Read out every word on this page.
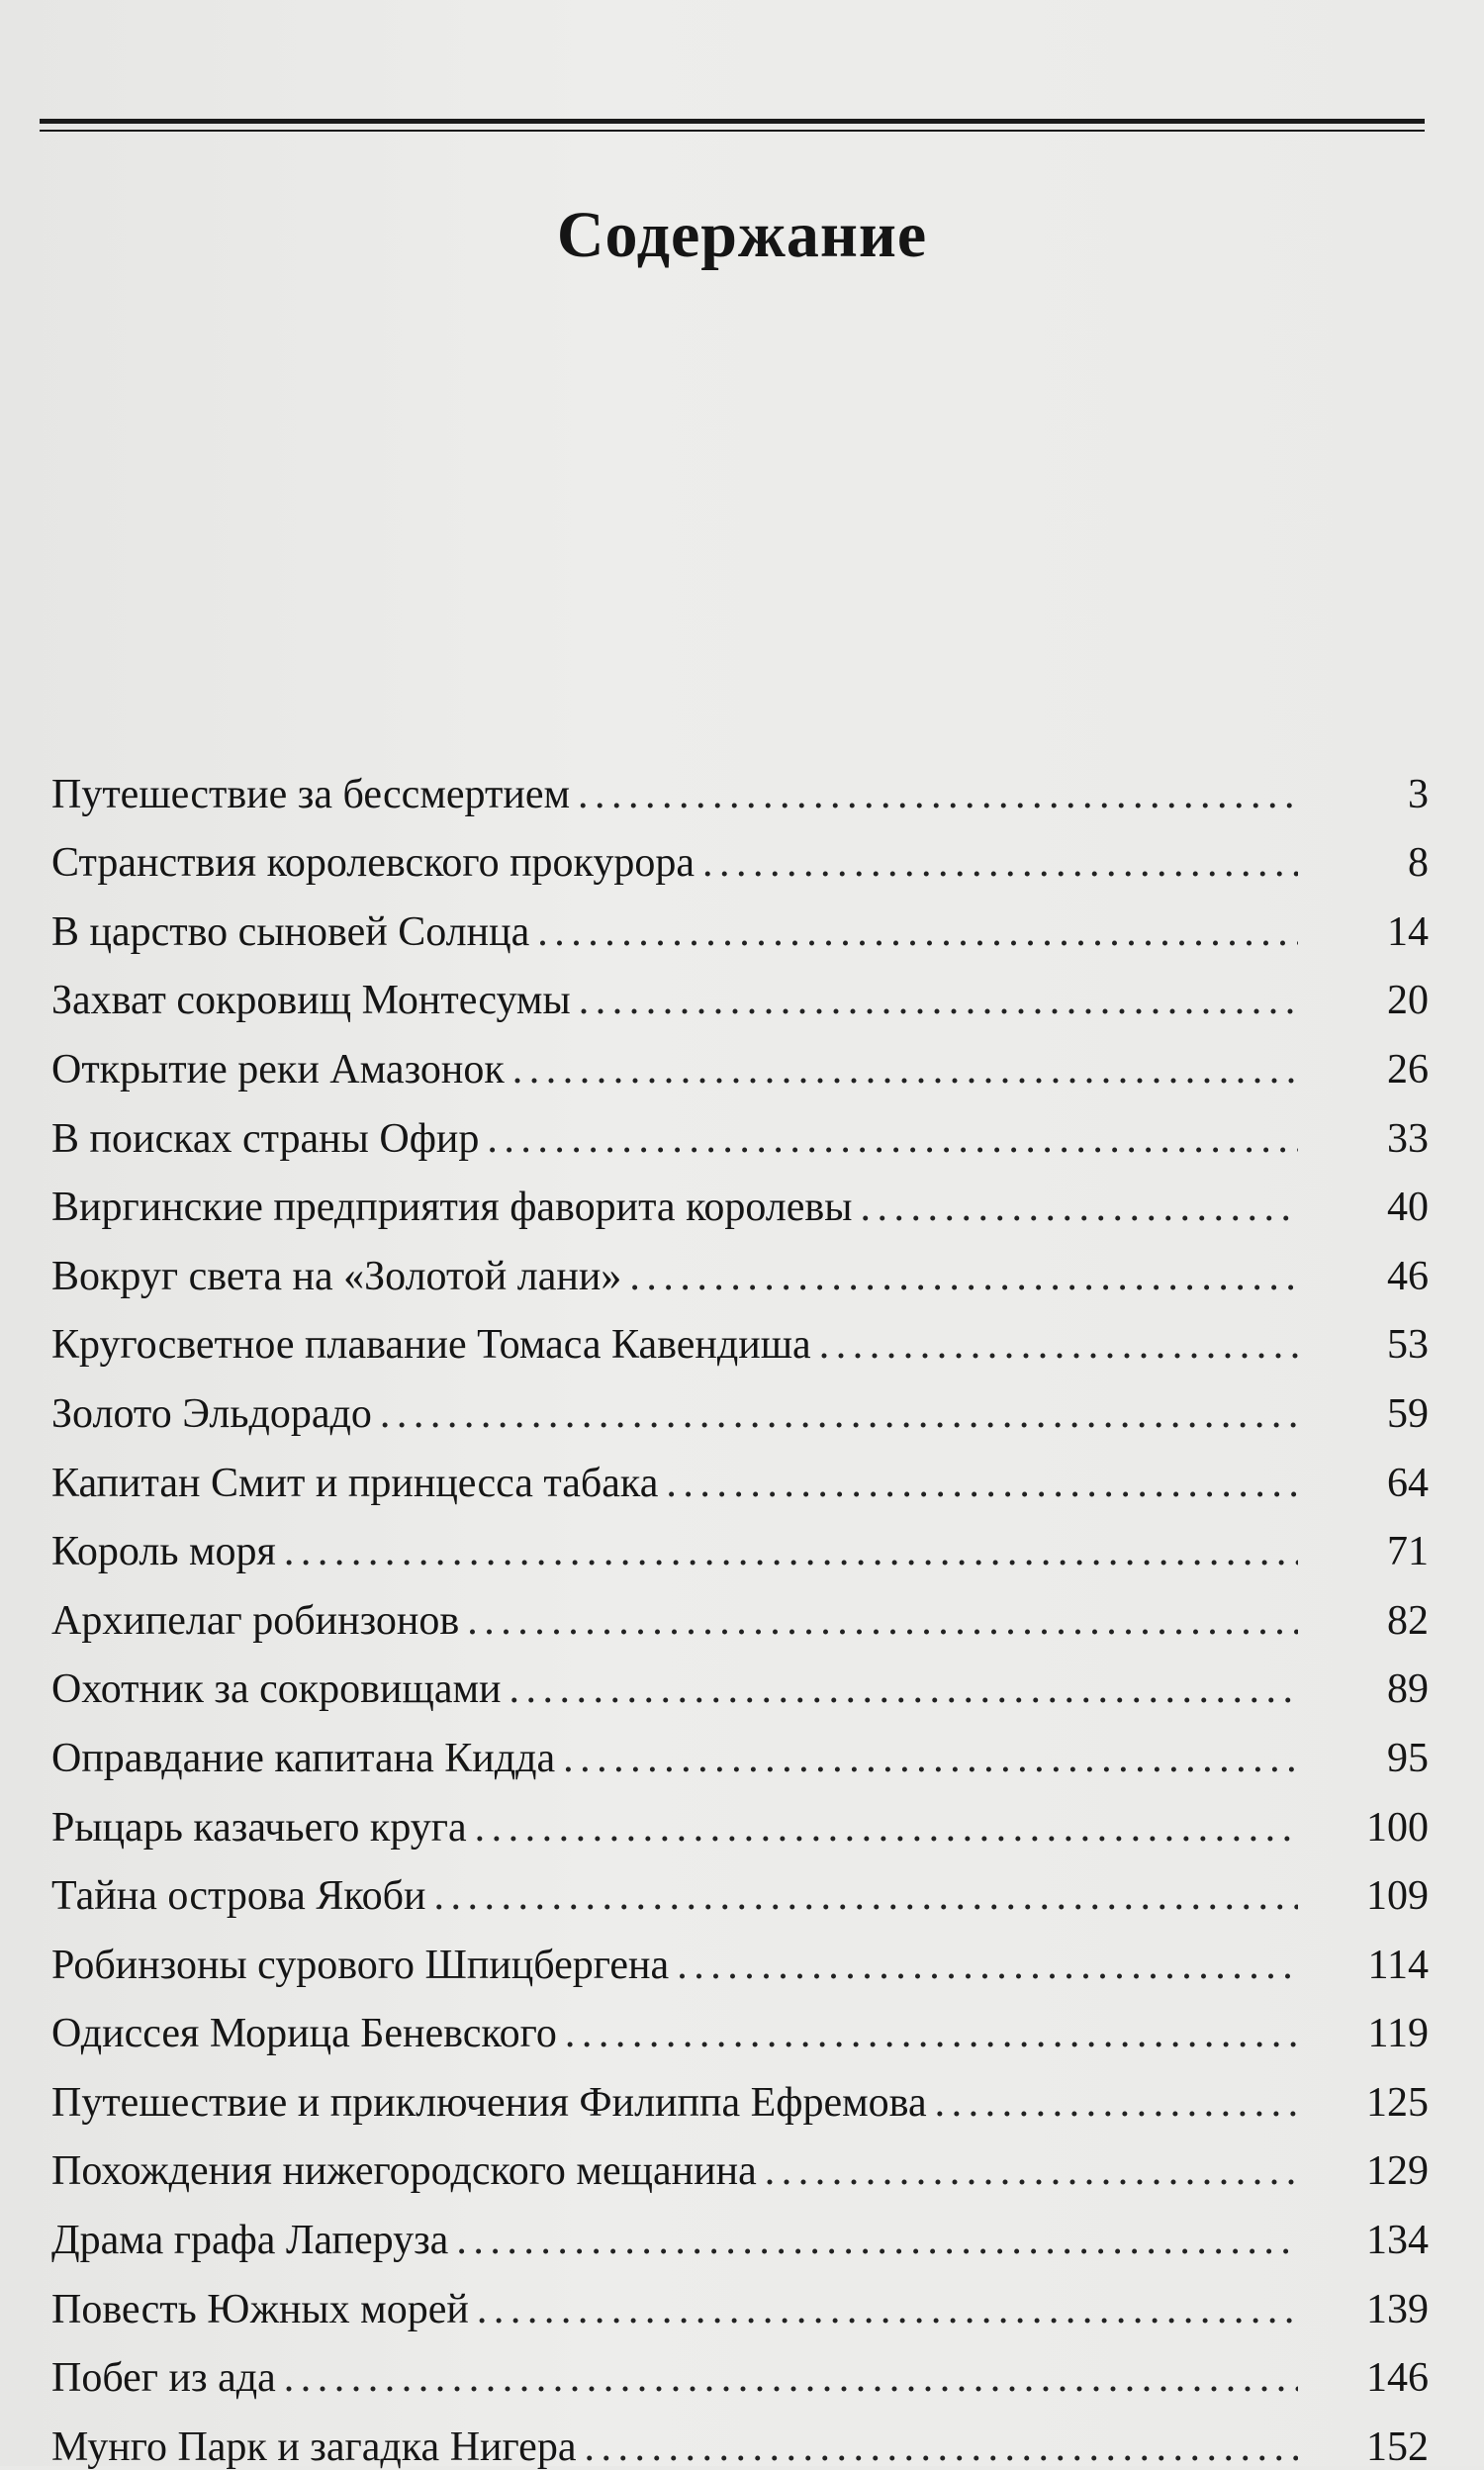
Содержание
Путешествие за бессмертием . . .	3
Странствия королевского прокурора . . .	8
В царство сыновей Солнца . . .	14
Захват сокровищ Монтесумы . . .	20
Открытие реки Амазонок . . .	26
В поисках страны Офир . . .	33
Виргинские предприятия фаворита королевы . . .	40
Вокруг света на «Золотой лани» . . .	46
Кругосветное плавание Томаса Кавендиша . . .	53
Золото Эльдорадо . . .	59
Капитан Смит и принцесса табака . . .	64
Король моря . . .	71
Архипелаг робинзонов . . .	82
Охотник за сокровищами . . .	89
Оправдание капитана Кидда . . .	95
Рыцарь казачьего круга . . .	100
Тайна острова Якоби . . .	109
Робинзоны сурового Шпицбергена . . .	114
Одиссея Морица Беневского . . .	119
Путешествие и приключения Филиппа Ефремова . . .	125
Похождения нижегородского мещанина . . .	129
Драма графа Лаперуза . . .	134
Повесть Южных морей . . .	139
Побег из ада . . .	146
Мунго Парк и загадка Нигера . . .	152
